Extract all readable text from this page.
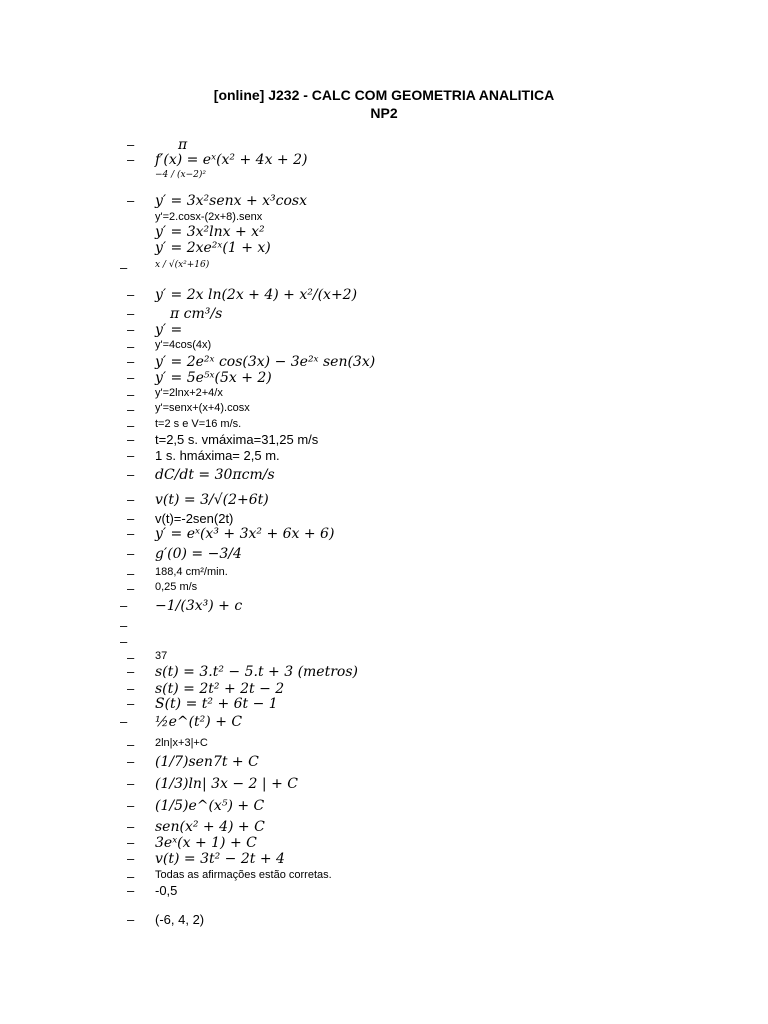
[online] J232 - CALC COM GEOMETRIA ANALITICA
NP2
–	π
– f′(x) = eˣ(x² + 4x + 2)
−4 / (x−2)²
– y′ = 3x²senx + x³cosx
y'=2.cosx-(2x+8).senx
y′ = 3x²lnx + x²
y′ = 2xe²ˣ(1 + x)
–	x / √(x²+16)
– y′ = 2x ln(2x + 4) + x²/(x+2)
–	π cm³/s
– y′ =
– y'=4cos(4x)
– y′ = 2e²ˣ cos(3x) − 3e²ˣ sen(3x)
– y′ = 5e⁵ˣ(5x + 2)
– y'=2lnx+2+4/x
– y'=senx+(x+4).cosx
– t=2 s e V=16 m/s.
– t=2,5 s. vmáxima=31,25 m/s
– 1 s. hmáxima= 2,5 m.
– dC/dt = 30πcm/s
– v(t) = 3/√(2+6t)
– v(t)=-2sen(2t)
– y′ = eˣ(x³ + 3x² + 6x + 6)
– g′(0) = −3/4
– 188,4 cm²/min.
– 0,25 m/s
– −1/(3x³) + c
–
–
– 37
– s(t) = 3.t² − 5.t + 3 (metros)
– s(t) = 2t² + 2t − 2
– S(t) = t² + 6t − 1
– ½e^(t²) + C
– 2ln|x+3|+C
– (1/7)sen7t + C
– (1/3)ln| 3x − 2 | + C
– (1/5)e^(x⁵) + C
– sen(x² + 4) + C
– 3eˣ(x + 1) + C
– v(t) = 3t² − 2t + 4
– Todas as afirmações estão corretas.
– -0,5
– (-6, 4, 2)
